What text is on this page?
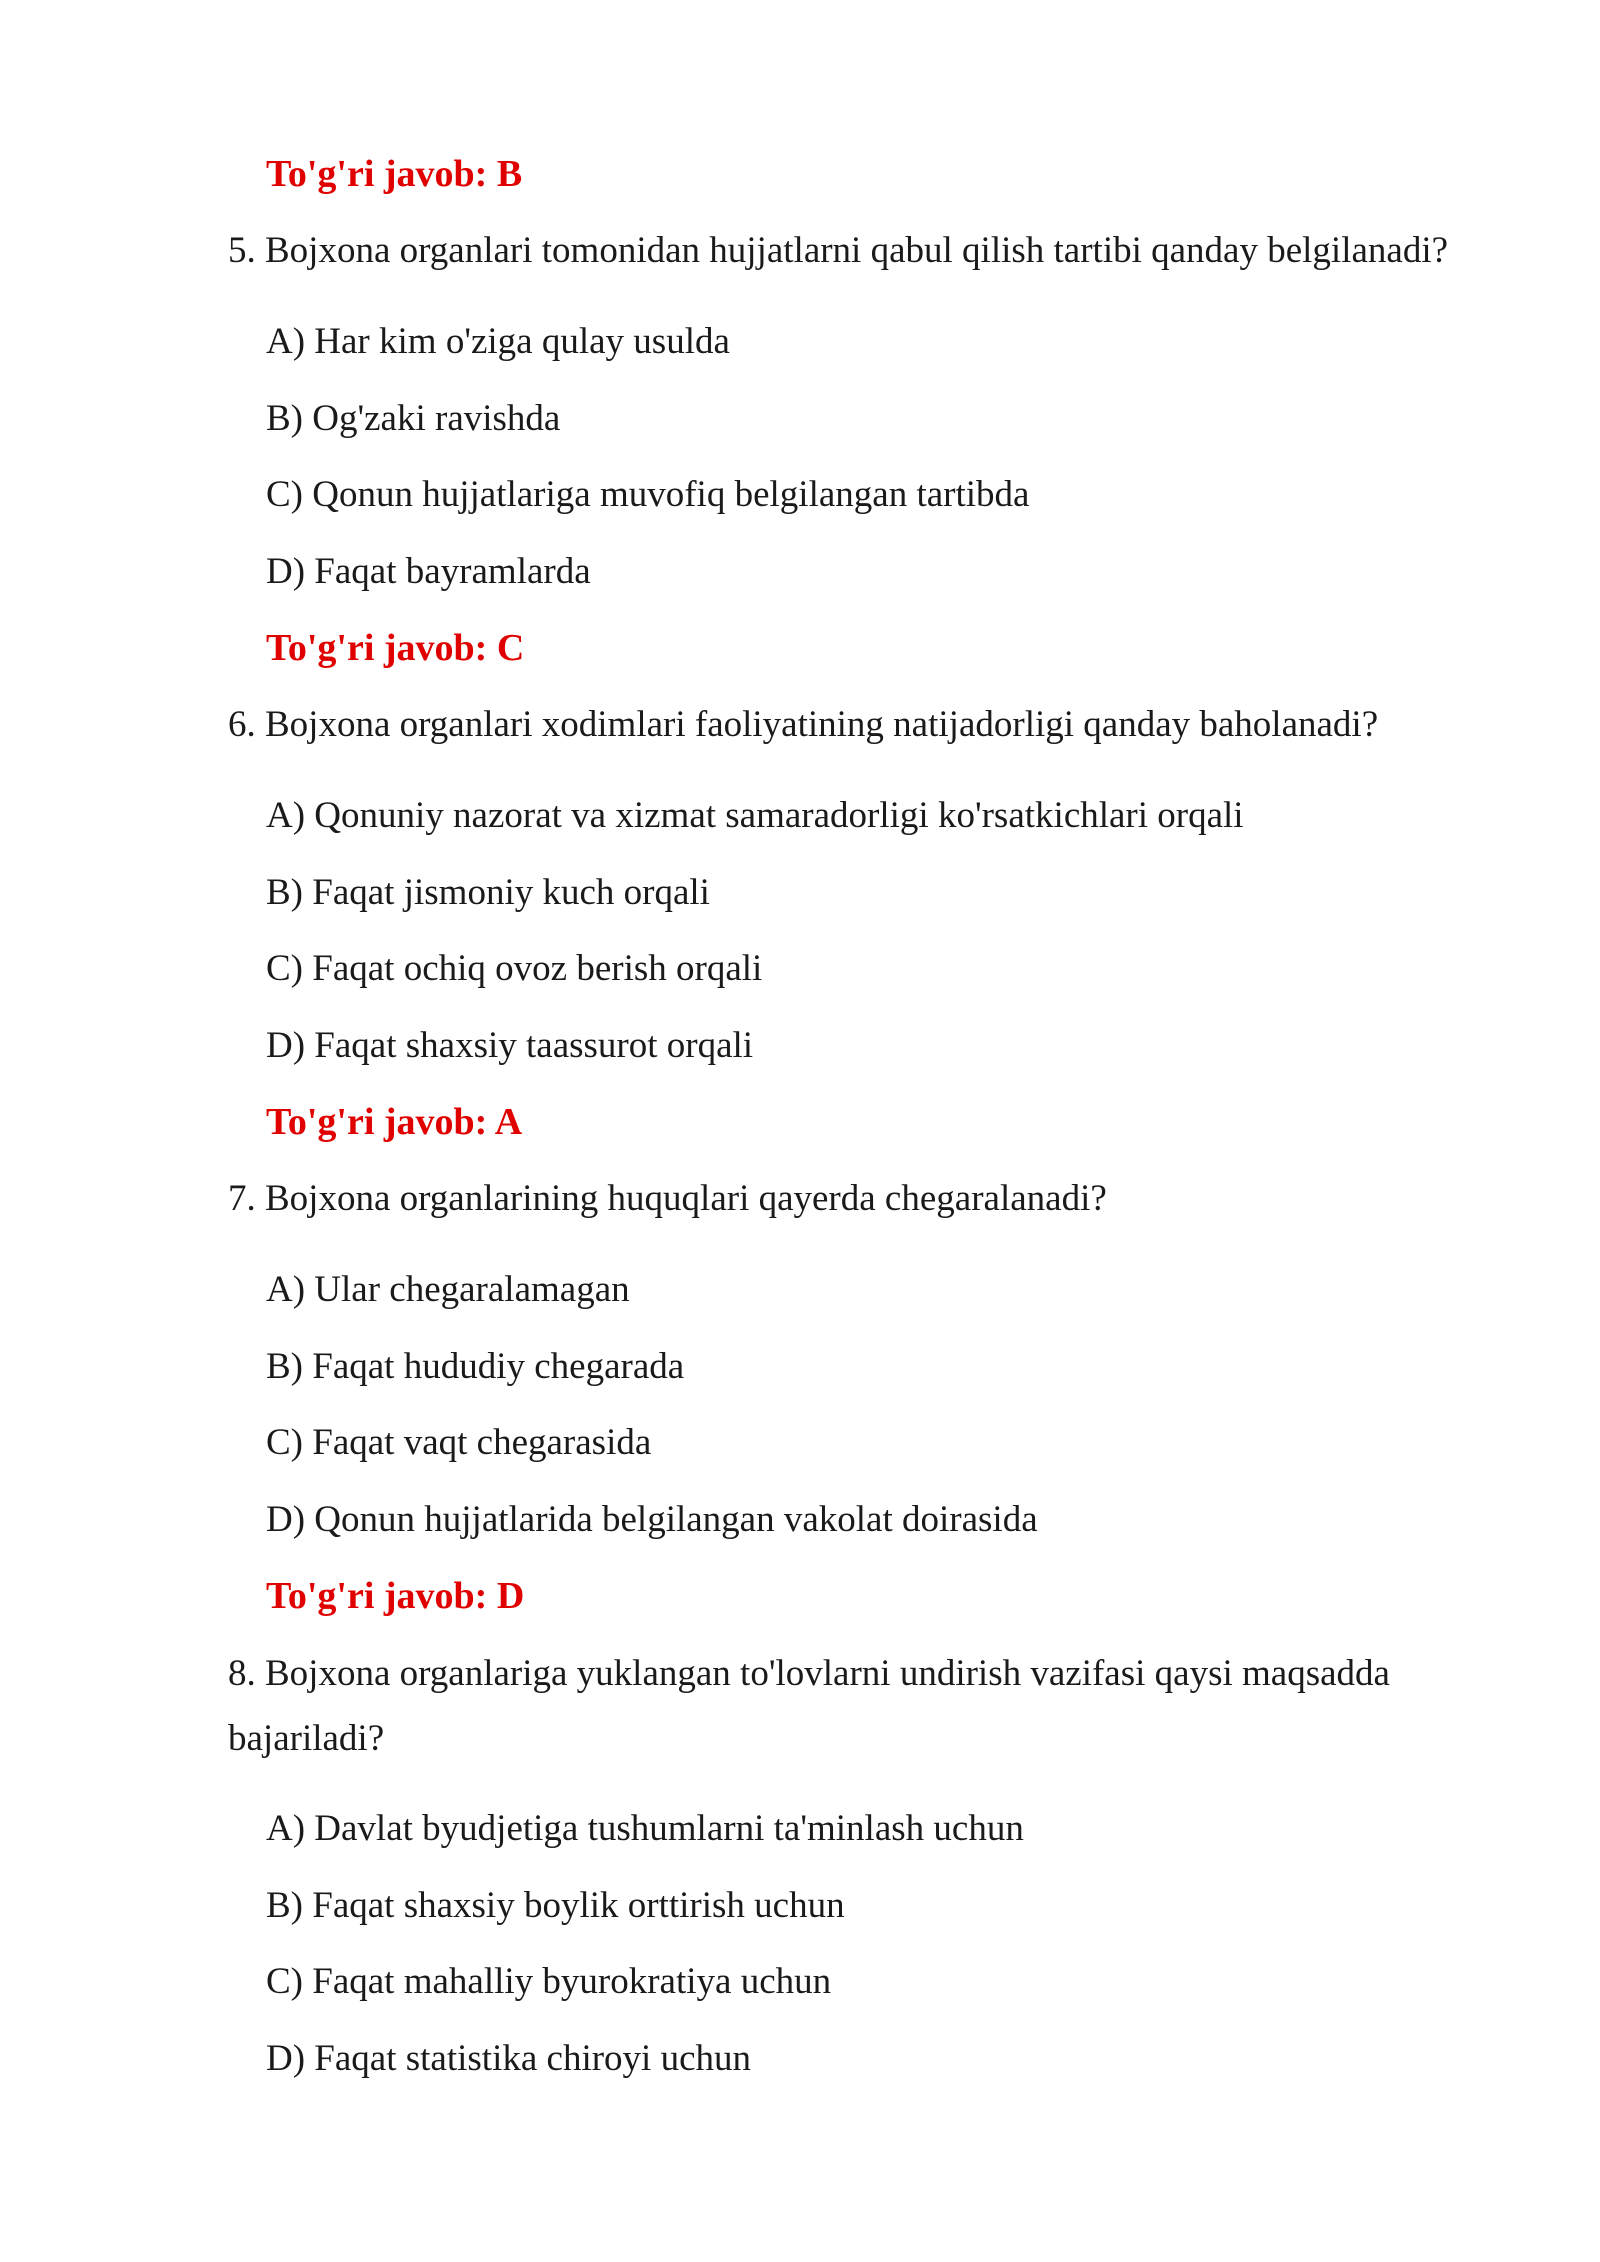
To'g'ri javob: B
5. Bojxona organlari tomonidan hujjatlarni qabul qilish tartibi qanday belgilanadi?
A) Har kim o'ziga qulay usulda
B) Og'zaki ravishda
C) Qonun hujjatlariga muvofiq belgilangan tartibda
D) Faqat bayramlarda
To'g'ri javob: C
6. Bojxona organlari xodimlari faoliyatining natijadorligi qanday baholanadi?
A) Qonuniy nazorat va xizmat samaradorligi ko'rsatkichlari orqali
B) Faqat jismoniy kuch orqali
C) Faqat ochiq ovoz berish orqali
D) Faqat shaxsiy taassurot orqali
To'g'ri javob: A
7. Bojxona organlarining huquqlari qayerda chegaralanadi?
A) Ular chegaralamagan
B) Faqat hududiy chegarada
C) Faqat vaqt chegarasida
D) Qonun hujjatlarida belgilangan vakolat doirasida
To'g'ri javob: D
8. Bojxona organlariga yuklangan to'lovlarni undirish vazifasi qaysi maqsadda bajariladi?
A) Davlat byudjetiga tushumlarni ta'minlash uchun
B) Faqat shaxsiy boylik orttirish uchun
C) Faqat mahalliy byurokratiya uchun
D) Faqat statistika chiroyi uchun
